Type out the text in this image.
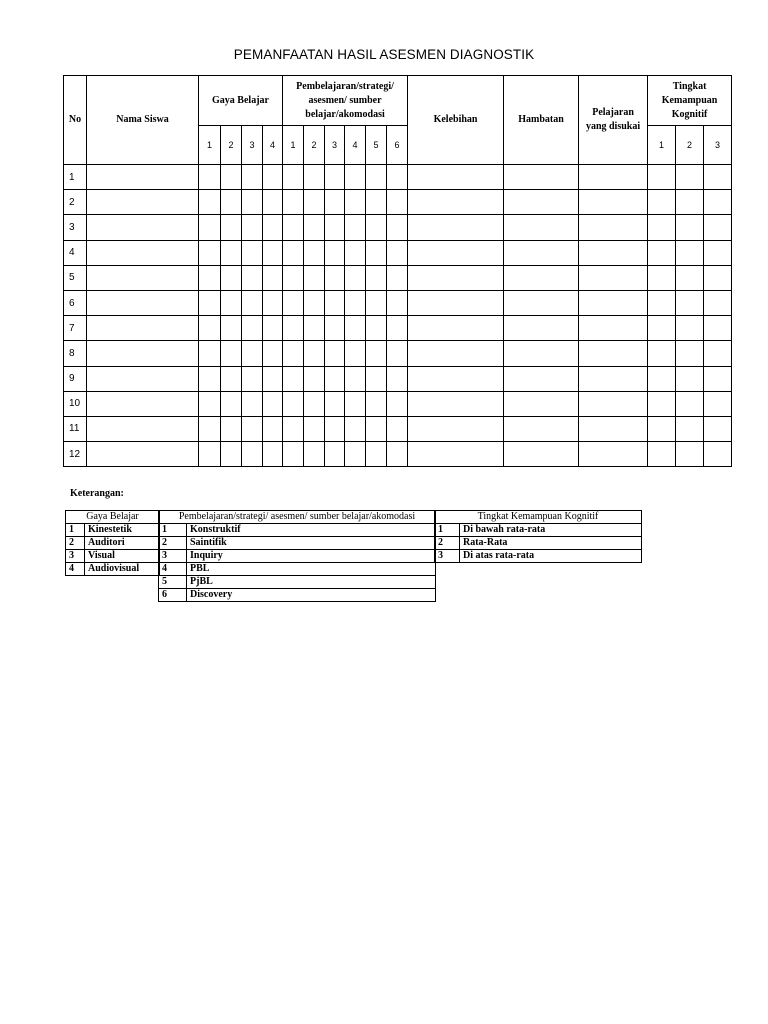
PEMANFAATAN HASIL ASESMEN DIAGNOSTIK
No	Nama Siswa	Gaya Belajar				Pembelajaran/strategi/ asesmen/ sumber belajar/akomodasi						Kelebihan	Hambatan	Pelajaran yang disukai	Tingkat Kemampuan Kognitif		
		1	2	3	4	1	2	3	4	5	6				1	2	3
1																	
2																	
3																	
4																	
5																	
6																	
7																	
8																	
9																	
10																	
11																	
12																	
Keterangan:
Gaya Belajar	
1	Kinestetik
2	Auditori
3	Visual
4	Audiovisual
Pembelajaran/strategi/ asesmen/ sumber belajar/akomodasi	
1	Konstruktif
2	Saintifik
3	Inquiry
4	PBL
5	PjBL
6	Discovery
Tingkat Kemampuan Kognitif	
1	Di bawah rata-rata
2	Rata-Rata
3	Di atas rata-rata
